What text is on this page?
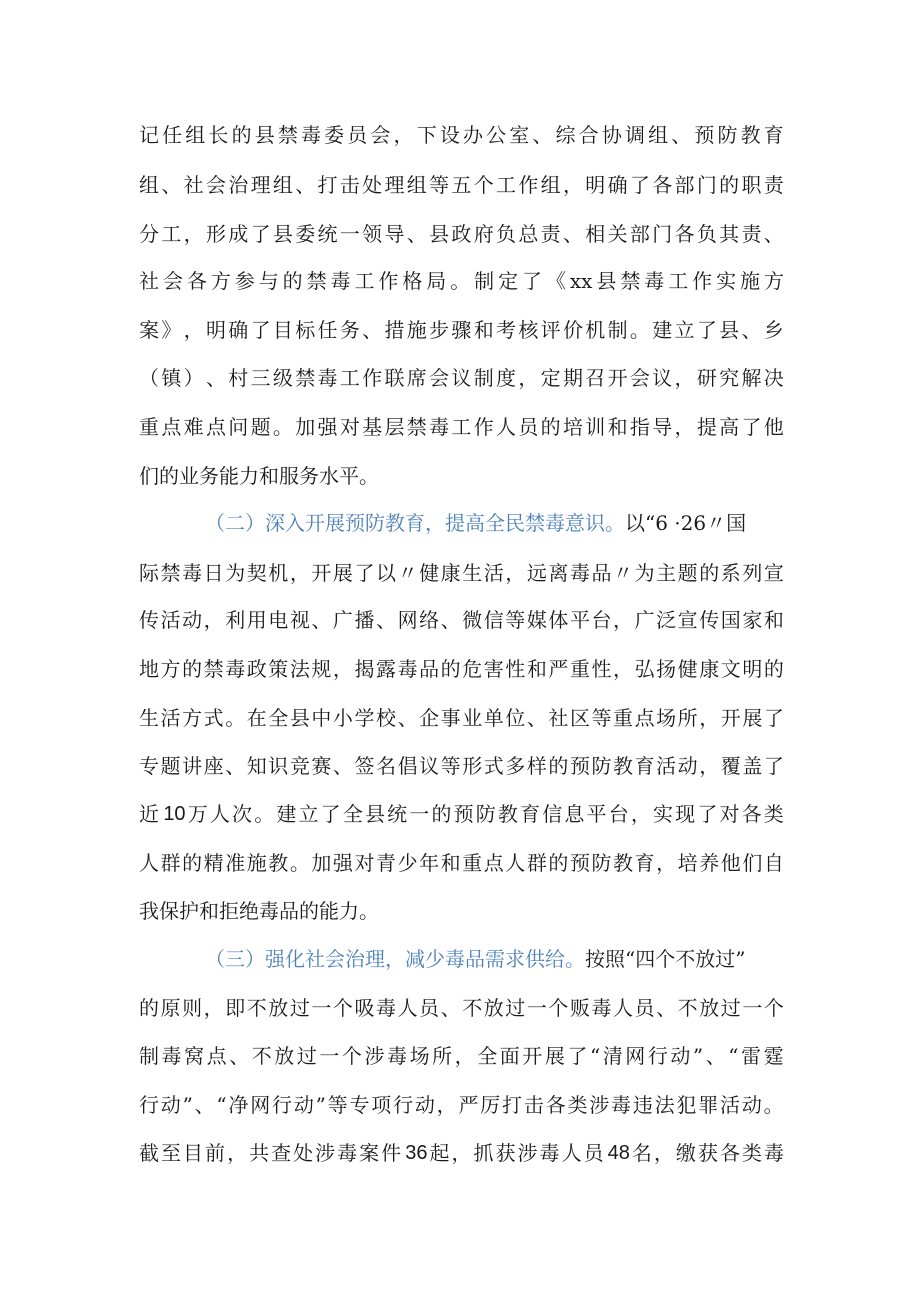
记 任 组 长 的 县 禁 毒 委 员 会 ， 下 设 办 公 室 、 综 合 协 调 组 、 预 防 教 育
组 、 社 会 治 理 组 、 打 击 处 理 组 等 五 个 工 作 组 ， 明 确 了 各 部 门 的 职 责
分 工 ， 形 成 了 县 委 统 一 领 导 、 县 政 府 负 总 责 、 相 关 部 门 各 负 其 责 、
社 会 各 方 参 与 的 禁 毒 工 作 格 局 。 制 定 了 《 xx 县 禁 毒 工 作 实 施 方
案 》 ， 明 确 了 目 标 任 务 、 措 施 步 骤 和 考 核 评 价 机 制 。 建 立 了 县 、 乡
（ 镇 ） 、 村 三 级 禁 毒 工 作 联 席 会 议 制 度 ， 定 期 召 开 会 议 ， 研 究 解 决
重 点 难 点 问 题 。 加 强 对 基 层 禁 毒 工 作 人 员 的 培 训 和 指 导 ， 提 高 了 他
们的业务能力和服务水平。
（二）深入开展预防教育，提高全民禁毒意识。 以“6 ·26〃国
际 禁 毒 日 为 契 机 ， 开 展 了 以 〃 健 康 生 活 ， 远 离 毒 品 〃 为 主 题 的 系 列 宣
传 活 动 ， 利 用 电 视 、 广 播 、 网 络 、 微 信 等 媒 体 平 台 ， 广 泛 宣 传 国 家 和
地 方 的 禁 毒 政 策 法 规 ， 揭 露 毒 品 的 危 害 性 和 严 重 性 ， 弘 扬 健 康 文 明 的
生 活 方 式 。 在 全 县 中 小 学 校 、 企 事 业 单 位 、 社 区 等 重 点 场 所 ， 开 展 了
专 题 讲 座 、 知 识 竞 赛 、 签 名 倡 议 等 形 式 多 样 的 预 防 教 育 活 动 ， 覆 盖 了
近 10 万 人 次 。 建 立 了 全 县 统 一 的 预 防 教 育 信 息 平 台 ， 实 现 了 对 各 类
人 群 的 精 准 施 教 。 加 强 对 青 少 年 和 重 点 人 群 的 预 防 教 育 ， 培 养 他 们 自
我保护和拒绝毒品的能力。
（三）强化社会治理，减少毒品需求供给。 按照“四个不放过”
的 原 则 ， 即 不 放 过 一 个 吸 毒 人 员 、 不 放 过 一 个 贩 毒 人 员 、 不 放 过 一 个
制 毒 窝 点 、 不 放 过 一 个 涉 毒 场 所 ， 全 面 开 展 了 “ 清 网 行 动 ” 、 “ 雷 霆
行 动 ” 、 “ 净 网 行 动 ” 等 专 项 行 动 ， 严 厉 打 击 各 类 涉 毒 违 法 犯 罪 活 动 。
截 至 目 前 ， 共 查 处 涉 毒 案 件 36 起 ， 抓 获 涉 毒 人 员 48 名 ， 缴 获 各 类 毒
